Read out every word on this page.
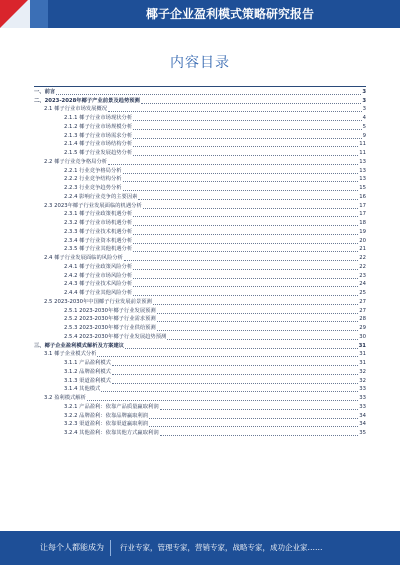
椰子企业盈利模式策略研究报告
内容目录
一、前言	3
二、2023-2028年椰子产业前景及趋势预测	3
2.1 椰子行业市场发展概况	3
2.1.1 椰子行业市场现状分析	4
2.1.2 椰子行业市场规模分析	5
2.1.3 椰子行业市场需求分析	9
2.1.4 椰子行业市场结构分析	11
2.1.5 椰子行业发展趋势分析	11
2.2 椰子行业竞争格局分析	13
2.2.1 行业竞争格局分析	13
2.2.2 行业竞争结构分析	13
2.2.3 行业竞争趋势分析	15
2.2.4 影响行业竞争的主要因素	16
2.3 2023年椰子行业发展面临的机遇分析	17
2.3.1 椰子行业政策机遇分析	17
2.3.2 椰子行业市场机遇分析	18
2.3.3 椰子行业技术机遇分析	19
2.3.4 椰子行业资本机遇分析	20
2.3.5 椰子行业其他机遇分析	21
2.4 椰子行业发展面临的风险分析	22
2.4.1 椰子行业政策风险分析	22
2.4.2 椰子行业市场风险分析	23
2.4.3 椰子行业技术风险分析	24
2.4.4 椰子行业其他风险分析	25
2.5 2023-2030年中国椰子行业发展前景预测	27
2.5.1 2023-2030年椰子行业发展预测	27
2.5.2 2023-2030年椰子行业需求预测	28
2.5.3 2023-2030年椰子行业供给预测	29
2.5.4 2023-2030年椰子行业发展趋势预测	30
三、椰子企业盈利模式解析及方案建议	31
3.1 椰子企业模式分析	31
3.1.1 产品盈利模式	31
3.1.2 品牌盈利模式	32
3.1.3 渠道盈利模式	32
3.1.4 其他模式	33
3.2 盈利模式解析	33
3.2.1 产品盈利：依靠产品质量赢取利润	33
3.2.2 品牌盈利：依靠品牌赢取利润	34
3.2.3 渠道盈利：依靠渠道赢取利润	34
3.2.4 其他盈利：依靠其他方式赢取利润	35
让每个人都能成为 行业专家，管理专家，营销专家，战略专家，成功企业家……
